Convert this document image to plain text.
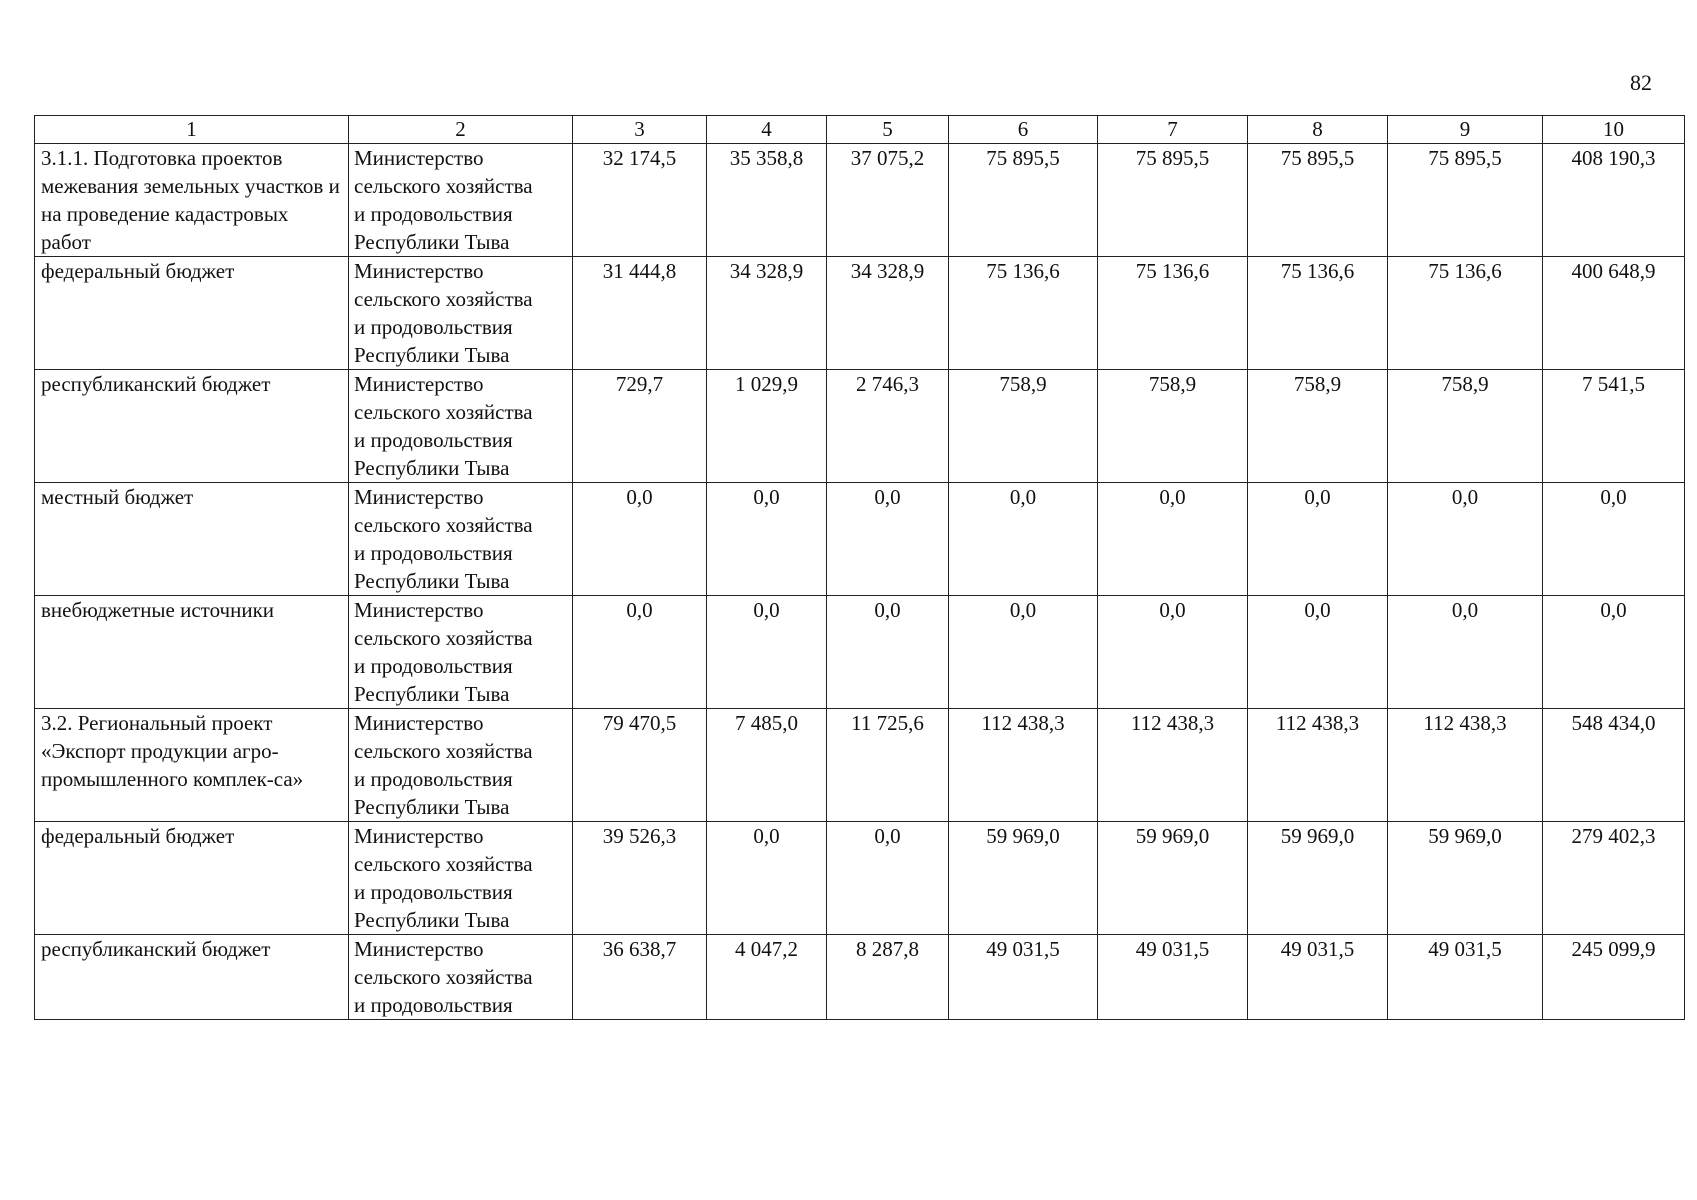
82
1	2	3	4	5	6	7	8	9	10
3.1.1. Подготовка проектов межевания земельных участков и на проведение кадастровых работ	Министерство
сельского хозяйства
и продовольствия
Республики Тыва	32 174,5	35 358,8	37 075,2	75 895,5	75 895,5	75 895,5	75 895,5	408 190,3
федеральный бюджет	Министерство
сельского хозяйства
и продовольствия
Республики Тыва	31 444,8	34 328,9	34 328,9	75 136,6	75 136,6	75 136,6	75 136,6	400 648,9
республиканский бюджет	Министерство
сельского хозяйства
и продовольствия
Республики Тыва	729,7	1 029,9	2 746,3	758,9	758,9	758,9	758,9	7 541,5
местный бюджет	Министерство
сельского хозяйства
и продовольствия
Республики Тыва	0,0	0,0	0,0	0,0	0,0	0,0	0,0	0,0
внебюджетные источники	Министерство
сельского хозяйства
и продовольствия
Республики Тыва	0,0	0,0	0,0	0,0	0,0	0,0	0,0	0,0
3.2. Региональный проект «Экспорт продукции агро-промышленного комплек-са»	Министерство
сельского хозяйства
и продовольствия
Республики Тыва	79 470,5	7 485,0	11 725,6	112 438,3	112 438,3	112 438,3	112 438,3	548 434,0
федеральный бюджет	Министерство
сельского хозяйства
и продовольствия
Республики Тыва	39 526,3	0,0	0,0	59 969,0	59 969,0	59 969,0	59 969,0	279 402,3
республиканский бюджет	Министерство
сельского хозяйства
и продовольствия	36 638,7	4 047,2	8 287,8	49 031,5	49 031,5	49 031,5	49 031,5	245 099,9
